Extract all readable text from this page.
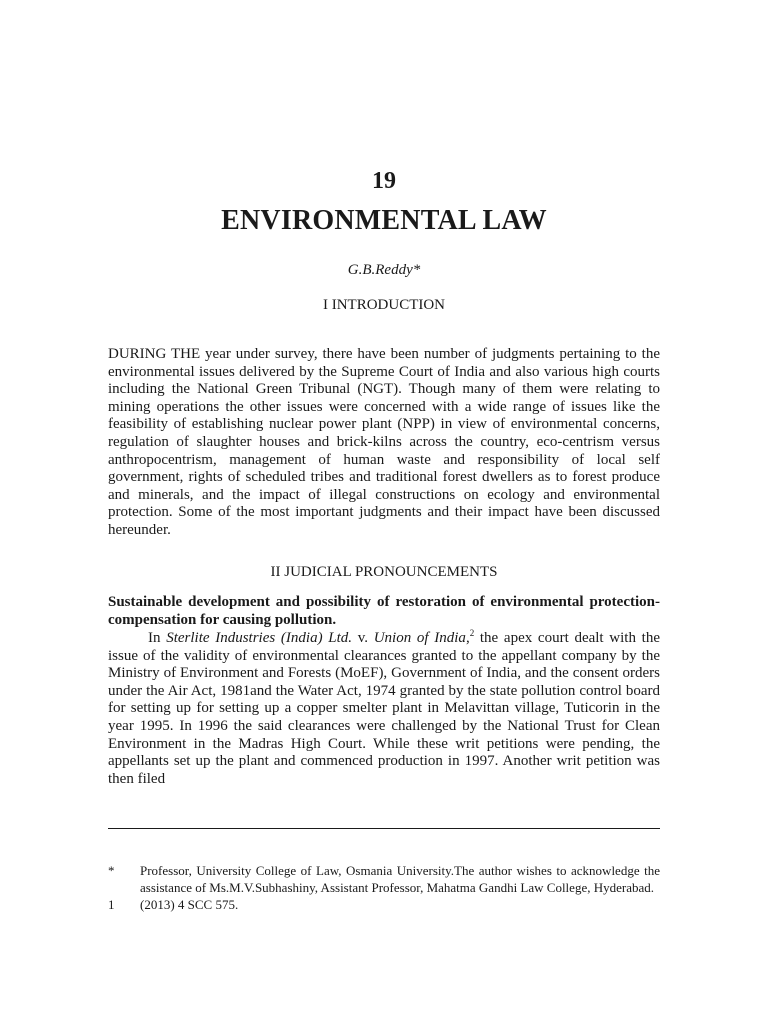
19
ENVIRONMENTAL LAW
G.B.Reddy*
I INTRODUCTION

DURING THE year under survey, there have been number of judgments pertaining to the environmental issues delivered by the Supreme Court of India and also various high courts including the National Green Tribunal (NGT). Though many of them were relating to mining operations the other issues were concerned with a wide range of issues like the feasibility of establishing nuclear power plant (NPP) in view of environmental concerns, regulation of slaughter houses and brick-kilns across the country, eco-centrism versus anthropocentrism, management of human waste and responsibility of local self government, rights of scheduled tribes and traditional forest dwellers as to forest produce and minerals, and the impact of illegal constructions on ecology and environmental protection. Some of the most important judgments and their impact have been discussed hereunder.

II JUDICIAL PRONOUNCEMENTS

Sustainable development and possibility of restoration of environmental protection-compensation for causing pollution.

In Sterlite Industries (India) Ltd. v. Union of India,$^2$ the apex court dealt with the issue of the validity of environmental clearances granted to the appellant company by the Ministry of Environment and Forests (MoEF), Government of India, and the consent orders under the Air Act, 1981and the Water Act, 1974 granted by the state pollution control board for setting up for setting up a copper smelter plant in Melavittan village, Tuticorin in the year 1995. In 1996 the said clearances were challenged by the National Trust for Clean Environment in the Madras High Court. While these writ petitions were pending, the appellants set up the plant and commenced production in 1997. Another writ petition was then filed

*	Professor, University College of Law, Osmania University.The author wishes to acknowledge the assistance of Ms.M.V.Subhashiny, Assistant Professor, Mahatma Gandhi Law College, Hyderabad.
1	(2013) 4 SCC 575.
